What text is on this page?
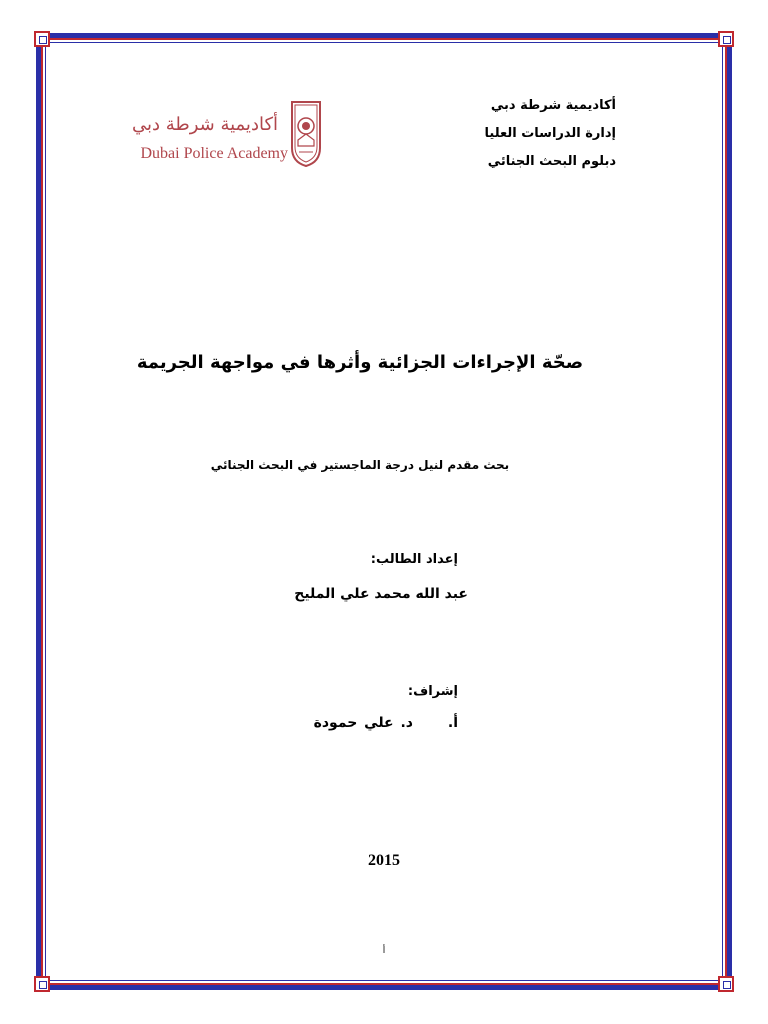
أكاديمية شرطة دبي
إدارة الدراسات العليا
دبلوم البحث الجنائي
أكاديمية شرطة دبي
Dubai Police Academy
صحّة الإجراءات الجزائية وأثرها في مواجهة الجريمة
بحث مقدم لنيل درجة الماجستير في البحث الجنائي
إعداد الطالب:
عبد الله محمد علي المليح
إشراف:
أ. د. علي حمودة
2015
أ
